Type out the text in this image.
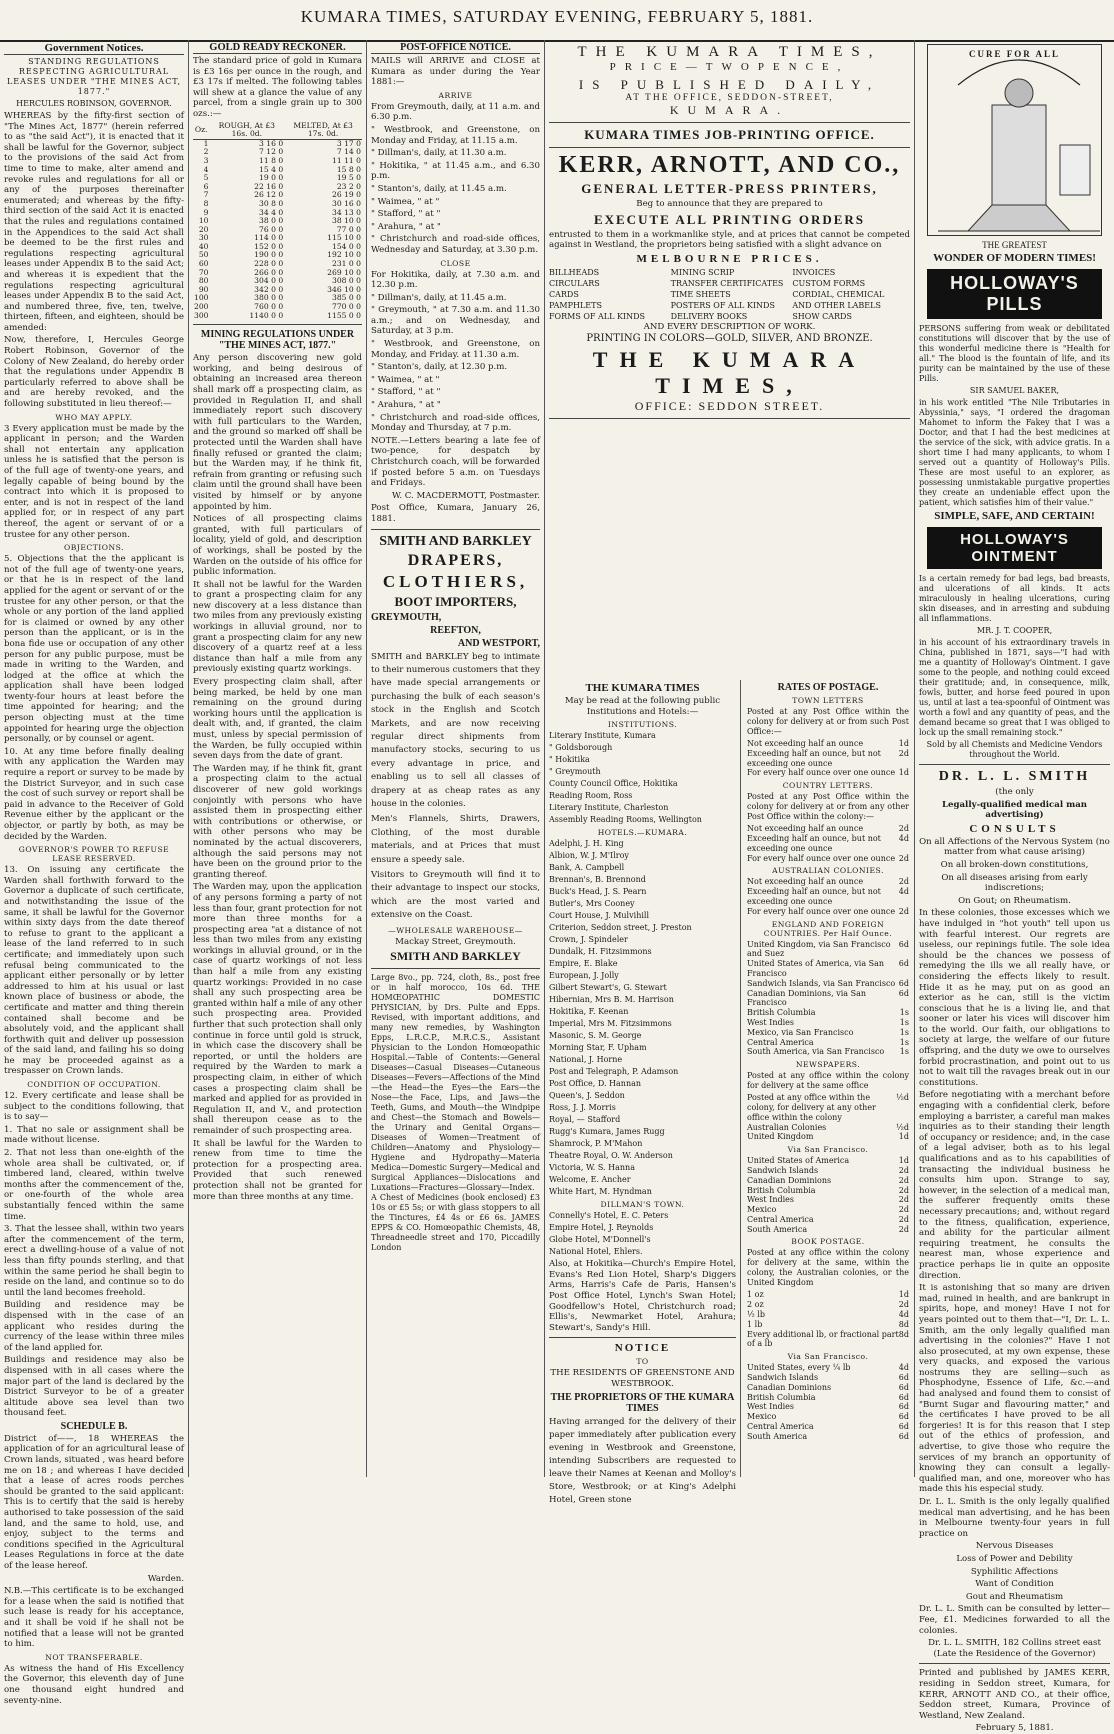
KUMARA TIMES, SATURDAY EVENING, FEBRUARY 5, 1881.
Government Notices.

STANDING REGULATIONS RESPECTING AGRICULTURAL LEASES UNDER "THE MINES ACT, 1877."

HERCULES ROBINSON, GOVERNOR.

WHEREAS by the fifty-first section of "The Mines Act, 1877" (herein referred to as "the said Act"), it is enacted that it shall be lawful for the Governor, subject to the provisions of the said Act from time to time to make, alter amend and revoke rules and regulations for all or any of the purposes thereinafter enumerated; and whereas by the fifty-third section of the said Act it is enacted that the rules and regulations contained in the Appendices to the said Act shall be deemed to be the first rules and regulations respecting agricultural leases under Appendix B to the said Act; and whereas it is expedient that the regulations respecting agricultural leases under Appendix B to the said Act, and numbered three, five, ten, twelve, thirteen, fifteen, and eighteen, should be amended:

Now, therefore, I, Hercules George Robert Robinson, Governor of the Colony of New Zealand, do hereby order that the regulations under Appendix B particularly referred to above shall be and are hereby revoked, and the following substituted in lieu thereof:—

WHO MAY APPLY.

3 Every application must be made by the applicant in person; and the Warden shall not entertain any application unless he is satisfied that the person is of the full age of twenty-one years, and legally capable of being bound by the contract into which it is proposed to enter, and is not in respect of the land applied for, or in respect of any part thereof, the agent or servant of or a trustee for any other person.

OBJECTIONS.

5. Objections that the the applicant is not of the full age of twenty-one years, or that he is in respect of the land applied for the agent or servant of or the trustee for any other person, or that the whole or any portion of the land applied for is claimed or owned by any other person than the applicant, or is in the bona fide use or occupation of any other person for any public purpose, must be made in writing to the Warden, and lodged at the office at which the application shall have been lodged twenty-four hours at least before the time appointed for hearing; and the person objecting must at the time appointed for hearing urge the objection personally, or by counsel or agent.

10. At any time before finally dealing with any application the Warden may require a report or survey to be made by the District Surveyor, and in such case the cost of such survey or report shall be paid in advance to the Receiver of Gold Revenue either by the applicant or the objector, or partly by both, as may be decided by the Warden.

GOVERNOR'S POWER TO REFUSE LEASE RESERVED.

13. On issuing any certificate the Warden shall forthwith forward to the Governor a duplicate of such certificate, and notwithstanding the issue of the same, it shall be lawful for the Governor within sixty days from the date thereof to refuse to grant to the applicant a lease of the land referred to in such certificate; and immediately upon such refusal being communicated to the applicant either personally or by letter addressed to him at his usual or last known place of business or abode, the certificate and matter and thing therein contained shall become and be absolutely void, and the applicant shall forthwith quit and deliver up possession of the said land, and failing his so doing he may be proceeded against as a trespasser on Crown lands.

CONDITION OF OCCUPATION.

12. Every certificate and lease shall be subject to the conditions following, that is to say—

1. That no sale or assignment shall be made without license.

2. That not less than one-eighth of the whole area shall be cultivated, or, if timbered land, cleared, within twelve months after the commencement of the, or one-fourth of the whole area substantially fenced within the same time.

3. That the lessee shall, within two years after the commencement of the term, erect a dwelling-house of a value of not less than fifty pounds sterling, and that within the same period he shall begin to reside on the land, and continue so to do until the land becomes freehold.

Building and residence may be dispensed with in the case of an applicant who resides during the currency of the lease within three miles of the land applied for.

Buildings and residence may also be dispensed with in all cases where the major part of the land is declared by the District Surveyor to be of a greater altitude above sea level than two thousand feet.

SCHEDULE B.

District of——, 18 WHEREAS the application of for an agricultural lease of Crown lands, situated , was heard before me on 18 ; and whereas I have decided that a lease of acres roods perches should be granted to the said applicant: This is to certify that the said is hereby authorised to take possession of the said land, and the same to hold, use, and enjoy, subject to the terms and conditions specified in the Agricultural Leases Regulations in force at the date of the lease hereof.

Warden.

N.B.—This certificate is to be exchanged for a lease when the said is notified that such lease is ready for his acceptance, and it shall be void if he shall not be notified that a lease will not be granted to him.

NOT TRANSFERABLE.

As witness the hand of His Excellency the Governor, this eleventh day of June one thousand eight hundred and seventy-nine.

GOLD READY RECKONER.

The standard price of gold in Kumara is £3 16s per ounce in the rough, and £3 17s if melted. The following tables will shew at a glance the value of any parcel, from a single grain up to 300 ozs.:—

Oz.	ROUGH, At £3 16s. 0d.	MELTED, At £3 17s. 0d.
1	3 16 0	3 17 0
2	7 12 0	7 14 0
3	11 8 0	11 11 0
4	15 4 0	15 8 0
5	19 0 0	19 5 0
6	22 16 0	23 2 0
7	26 12 0	26 19 0
8	30 8 0	30 16 0
9	34 4 0	34 13 0
10	38 0 0	38 10 0
20	76 0 0	77 0 0
30	114 0 0	115 10 0
40	152 0 0	154 0 0
50	190 0 0	192 10 0
60	228 0 0	231 0 0
70	266 0 0	269 10 0
80	304 0 0	308 0 0
90	342 0 0	346 10 0
100	380 0 0	385 0 0
200	760 0 0	770 0 0
300	1140 0 0	1155 0 0
MINING REGULATIONS UNDER "THE MINES ACT, 1877."

Any person discovering new gold working, and being desirous of obtaining an increased area thereon shall mark off a prospecting claim, as provided in Regulation II, and shall immediately report such discovery with full particulars to the Warden, and the ground so marked off shall be protected until the Warden shall have finally refused or granted the claim; but the Warden may, if he think fit, refrain from granting or refusing such claim until the ground shall have been visited by himself or by anyone appointed by him.

Notices of all prospecting claims granted, with full particulars of locality, yield of gold, and description of workings, shall be posted by the Warden on the outside of his office for public information.

It shall not be lawful for the Warden to grant a prospecting claim for any new discovery at a less distance than two miles from any previously existing workings in alluvial ground, nor to grant a prospecting claim for any new discovery of a quartz reef at a less distance than half a mile from any previously existing quartz workings.

Every prospecting claim shall, after being marked, be held by one man remaining on the ground during working hours until the application is dealt with, and, if granted, the claim must, unless by special permission of the Warden, be fully occupied within seven days from the date of grant.

The Warden may, if he think fit, grant a prospecting claim to the actual discoverer of new gold workings conjointly with persons who have assisted them in prospecting either with contributions or otherwise, or with other persons who may be nominated by the actual discoverers, although the said persons may not have been on the ground prior to the granting thereof.

The Warden may, upon the application of any persons forming a party of not less than four, grant protection for not more than three months for a prospecting area "at a distance of not less than two miles from any existing workings in alluvial ground, or in the case of quartz workings of not less than half a mile from any existing quartz workings: Provided in no case shall any such prospecting area be granted within half a mile of any other such prospecting area. Provided further that such protection shall only continue in force until gold is struck, in which case the discovery shall be reported, or until the holders are required by the Warden to mark a prospecting claim, in either of which cases a prospecting claim shall be marked and applied for as provided in Regulation II, and V., and protection shall thereupon cease as to the remainder of such prospecting area.

It shall be lawful for the Warden to renew from time to time the protection for a prospecting area. Provided that such renewed protection shall not be granted for more than three months at any time.

POST-OFFICE NOTICE.

MAILS will ARRIVE and CLOSE at Kumara as under during the Year 1881:—

ARRIVE

From Greymouth, daily, at 11 a.m. and 6.30 p.m.

" Westbrook, and Greenstone, on Monday and Friday, at 11.15 a.m.

" Dillman's, daily, at 11.30 a.m.

" Hokitika, " at 11.45 a.m., and 6.30 p.m.

" Stanton's, daily, at 11.45 a.m.

" Waimea, " at "

" Stafford, " at "

" Arahura, " at "

" Christchurch and road-side offices, Wednesday and Saturday, at 3.30 p.m.

CLOSE

For Hokitika, daily, at 7.30 a.m. and 12.30 p.m.

" Dillman's, daily, at 11.45 a.m.

" Greymouth, " at 7.30 a.m. and 11.30 a.m.; and on Wednesday, and Saturday, at 3 p.m.

" Westbrook, and Greenstone, on Monday, and Friday. at 11.30 a.m.

" Stanton's, daily, at 12.30 p.m.

" Waimea, " at "

" Stafford, " at "

" Arahura, " at "

" Christchurch and road-side offices, Monday and Thursday, at 7 p.m.

NOTE.—Letters bearing a late fee of two-pence, for despatch by Christchurch coach, will be forwarded if posted before 5 a.m. on Tuesdays and Fridays.

W. C. MACDERMOTT, Postmaster.

Post Office, Kumara, January 26, 1881.

SMITH AND BARKLEY
DRAPERS,
CLOTHIERS,
BOOT IMPORTERS,
GREYMOUTH,
REEFTON,
AND WESTPORT,

SMITH and BARKLEY beg to intimate to their numerous customers that they have made special arrangements or purchasing the bulk of each season's stock in the English and Scotch Markets, and are now receiving regular direct shipments from manufactory stocks, securing to us every advantage in price, and enabling us to sell all classes of drapery at as cheap rates as any house in the colonies.

Men's Flannels, Shirts, Drawers, Clothing, of the most durable materials, and at Prices that must ensure a speedy sale.

Visitors to Greymouth will find it to their advantage to inspect our stocks, which are the most varied and extensive on the Coast.

—WHOLESALE WAREHOUSE—

Mackay Street, Greymouth.

SMITH AND BARKLEY

Large 8vo., pp. 724, cloth, 8s., post free or in half morocco, 10s 6d. THE HOMŒOPATHIC DOMESTIC PHYSICIAN, by Drs. Pulte and Epps. Revised, with important additions, and many new remedies, by Washington Epps, L.R.C.P., M.R.C.S., Assistant Physician to the London Homœopathic Hospital.—Table of Contents:—General Diseases—Casual Diseases—Cutaneous Diseases—Fevers—Affections of the Mind—the Head—the Eyes—the Ears—the Nose—the Face, Lips, and Jaws—the Teeth, Gums, and Mouth—the Windpipe and Chest—the Stomach and Bowels—the Urinary and Genital Organs—Diseases of Women—Treatment of Children—Anatomy and Physiology—Hygiene and Hydropathy—Materia Medica—Domestic Surgery—Medical and Surgical Appliances—Dislocations and Luxations—Fractures—Glossary—Index. A Chest of Medicines (book enclosed) £3 10s or £5 5s; or with glass stoppers to all the Tinctures, £4 4s or £6 6s. JAMES EPPS & CO. Homœopathic Chemists, 48, Threadneedle street and 170, Piccadilly London

THE KUMARA TIMES,
PRICE—TWOPENCE,
IS PUBLISHED DAILY,
AT THE OFFICE, SEDDON-STREET,
KUMARA.
KUMARA TIMES JOB-PRINTING OFFICE.
KERR, ARNOTT, AND CO.,
GENERAL LETTER-PRESS PRINTERS,

Beg to announce that they are prepared to

EXECUTE ALL PRINTING ORDERS

entrusted to them in a workmanlike style, and at prices that cannot be competed against in Westland, the proprietors being satisfied with a slight advance on

MELBOURNE PRICES.
BILLHEADS	MINING SCRIP	INVOICES
CIRCULARS	TRANSFER CERTIFICATES	CUSTOM FORMS
CARDS	TIME SHEETS	CORDIAL, CHEMICAL
PAMPHLETS	POSTERS OF ALL KINDS	AND OTHER LABELS
FORMS OF ALL KINDS	DELIVERY BOOKS	SHOW CARDS

AND EVERY DESCRIPTION OF WORK.

PRINTING IN COLORS—GOLD, SILVER, AND BRONZE.

THE KUMARA TIMES,
OFFICE: SEDDON STREET.
THE KUMARA TIMES

May be read at the following public Institutions and Hotels:—

INSTITUTIONS.

Literary Institute, Kumara

" Goldsborough

" Hokitika

" Greymouth

County Council Office, Hokitika

Reading Room, Ross

Literary Institute, Charleston

Assembly Reading Rooms, Wellington

HOTELS.—KUMARA.

Adelphi, J. H. King

Albion, W. J. M'Ilroy

Bank, A. Campbell

Brennan's, B. Brennond

Buck's Head, J. S. Pearn

Butler's, Mrs Cooney

Court House, J. Mulvihill

Criterion, Seddon street, J. Preston

Crown, J. Spindeler

Dundalk, H. Fitzsimmons

Empire, E. Blake

European, J. Jolly

Gilbert Stewart's, G. Stewart

Hibernian, Mrs B. M. Harrison

Hokitika, F. Keenan

Imperial, Mrs M. Fitzsimmons

Masonic, S. M. George

Morning Star, F. Upham

National, J. Horne

Post and Telegraph, P. Adamson

Post Office, D. Hannan

Queen's, J. Seddon

Ross, J. J. Morris

Royal, — Stafford

Rugg's Kumara, James Rugg

Shamrock, P. M'Mahon

Theatre Royal, O. W. Anderson

Victoria, W. S. Hanna

Welcome, E. Ancher

White Hart, M. Hyndman

DILLMAN'S TOWN.

Connelly's Hotel, E. C. Peters

Empire Hotel, J. Reynolds

Globe Hotel, M'Donnell's

National Hotel, Ehlers.

Also, at Hokitika—Church's Empire Hotel, Evans's Red Lion Hotel, Sharp's Diggers Arms, Harris's Cafe de Paris, Hansen's Post Office Hotel, Lynch's Swan Hotel; Goodfellow's Hotel, Christchurch road; Ellis's, Newmarket Hotel, Arahura; Stewart's, Sandy's Hill.

NOTICE
TO

THE RESIDENTS OF GREENSTONE AND WESTBROOK.

THE PROPRIETORS OF THE KUMARA TIMES

Having arranged for the delivery of their paper immediately after publication every evening in Westbrook and Greenstone, intending Subscribers are requested to leave their Names at Keenan and Molloy's Store, Westbrook; or at King's Adelphi Hotel, Green stone

RATES OF POSTAGE.
TOWN LETTERS

Posted at any Post Office within the colony for delivery at or from such Post Office:—

Not exceeding half an ounce	1d
Exceeding half an ounce, but not exceeding one ounce
2d
For every half ounce over one ounce 1d
COUNTRY LETTERS.

Posted at any Post Office within the colony for delivery at or from any other Post Office within the colony:—

Not exceeding half an ounce	2d
Exceeding half an ounce, but not exceeding one ounce
4d
For every half ounce over one ounce 2d
AUSTRALIAN COLONIES.
Not exceeding half an ounce	2d
Exceeding half an ounce, but not exceeding one ounce
4d
For every half ounce over one ounce 2d
ENGLAND AND FOREIGN COUNTRIES. Per Half Ounce.
United Kingdom, via San Francisco and Suez
6d
United States of America, via San Francisco
6d
Sandwich Islands, via San Francisco 6d
Canadian Dominions, via San Francisco
6d
British Columbia	1s
West Indies	1s
Mexico, via San Francisco	1s
Central America	1s
South America, via San Francisco 1s
NEWSPAPERS.

Posted at any office within the colony for delivery at the same office

Posted at any office within the colony, for delivery at any other office within the colony
½d
Australian Colonies	½d
United Kingdom	1d
Via San Francisco.
United States of America	1d
Sandwich Islands	2d
Canadian Dominions	2d
British Columbia	2d
West Indies	2d
Mexico	2d
Central America	2d
South America	2d
BOOK POSTAGE.

Posted at any office within the colony for delivery at the same, within the colony, the Australian colonies, or the United Kingdom

1 oz	1d
2 oz	2d
½ lb	4d
1 lb	8d
Every additional lb, or fractional part of a lb
8d
Via San Francisco.
United States, every ¼ lb	4d
Sandwich Islands	6d
Canadian Dominions	6d
British Columbia	6d
West Indies	6d
Mexico	6d
Central America	6d
South America	6d
CURE FOR ALL
THE GREATEST
WONDER OF MODERN TIMES!
HOLLOWAY'S PILLS

PERSONS suffering from weak or debilitated constitutions will discover that by the use of this wonderful medicine there is "Health for all." The blood is the fountain of life, and its purity can be maintained by the use of these Pills.

SIR SAMUEL BAKER,

in his work entitled "The Nile Tributaries in Abyssinia," says, "I ordered the dragoman Mahomet to inform the Fakey that I was a Doctor, and that I had the best medicines at the service of the sick, with advice gratis. In a short time I had many applicants, to whom I served out a quantity of Holloway's Pills. These are most useful to an explorer, as possessing unmistakable purgative properties they create an undeniable effect upon the patient, which satisfies him of their value."

SIMPLE, SAFE, AND CERTAIN!
HOLLOWAY'S OINTMENT

Is a certain remedy for bad legs, bad breasts, and ulcerations of all kinds. It acts miraculously in healing ulcerations, curing skin diseases, and in arresting and subduing all inflammations.

MR. J. T. COOPER,

in his account of his extraordinary travels in China, published in 1871, says—"I had with me a quantity of Holloway's Ointment. I gave some to the people, and nothing could exceed their gratitude; and, in consequence, milk, fowls, butter, and horse feed poured in upon us, until at last a tea-spoonful of Ointment was worth a fowl and any quantity of peas, and the demand became so great that I was obliged to lock up the small remaining stock."

Sold by all Chemists and Medicine Vendors throughout the World.

DR. L. L. SMITH

(the only

Legally-qualified medical man advertising)

CONSULTS

On all Affections of the Nervous System (no matter from what cause arising)

On all broken-down constitutions,

On all diseases arising from early indiscretions;

On Gout; on Rheumatism.

In these colonies, those excesses which we have indulged in "hot youth" tell upon us with fearful interest. Our regrets are useless, our repinings futile. The sole idea should be the chances we possess of remedying the ills we all really have, or considering the effects likely to result. Hide it as he may, put on as good an exterior as he can, still is the victim conscious that he is a living lie, and that sooner or later his vices will discover him to the world. Our faith, our obligations to society at large, the welfare of our future offspring, and the duty we owe to ourselves forbid procrastination, and point out to us not to wait till the ravages break out in our constitutions.

Before negotiating with a merchant before engaging with a confidential clerk, before employing a barrister, a careful man makes inquiries as to their standing their length of occupancy or residence; and, in the case of a legal adviser, both as to his legal qualifications and as to his capabilities of transacting the individual business he consults him upon. Strange to say, however, in the selection of a medical man, the sufferer frequently omits these necessary precautions; and, without regard to the fitness, qualification, experience, and ability for the particular ailment requiring treatment, he consults the nearest man, whose experience and practice perhaps lie in quite an opposite direction.

It is astonishing that so many are driven mad, ruined in health, and are bankrupt in spirits, hope, and money! Have I not for years pointed out to them that—"I, Dr. L. L. Smith, am the only legally qualified man advertising in the colonies?" Have I not also prosecuted, at my own expense, these very quacks, and exposed the various nostrums they are selling—such as Phosphodyne, Essence of Life, &c.—and had analysed and found them to consist of "Burnt Sugar and flavouring matter," and the certificates I have proved to be all forgeries! It is for this reason that I step out of the ethics of profession, and advertise, to give those who require the services of my branch an opportunity of knowing they can consult a legally-qualified man, and one, moreover who has made this his especial study.

Dr. L. L. Smith is the only legally qualified medical man advertising, and he has been in Melbourne twenty-four years in full practice on

Nervous Diseases

Loss of Power and Debility

Syphilitic Affections

Want of Condition

Gout and Rheumatism

Dr. L. L. Smith can be consulted by letter—Fee, £1. Medicines forwarded to all the colonies.

Dr. L. L. SMITH, 182 Collins street east (Late the Residence of the Governor)

Printed and published by JAMES KERR, residing in Seddon street, Kumara, for KERR, ARNOTT AND CO., at their office, Seddon street, Kumara, Province of Westland, New Zealand.

February 5, 1881.
